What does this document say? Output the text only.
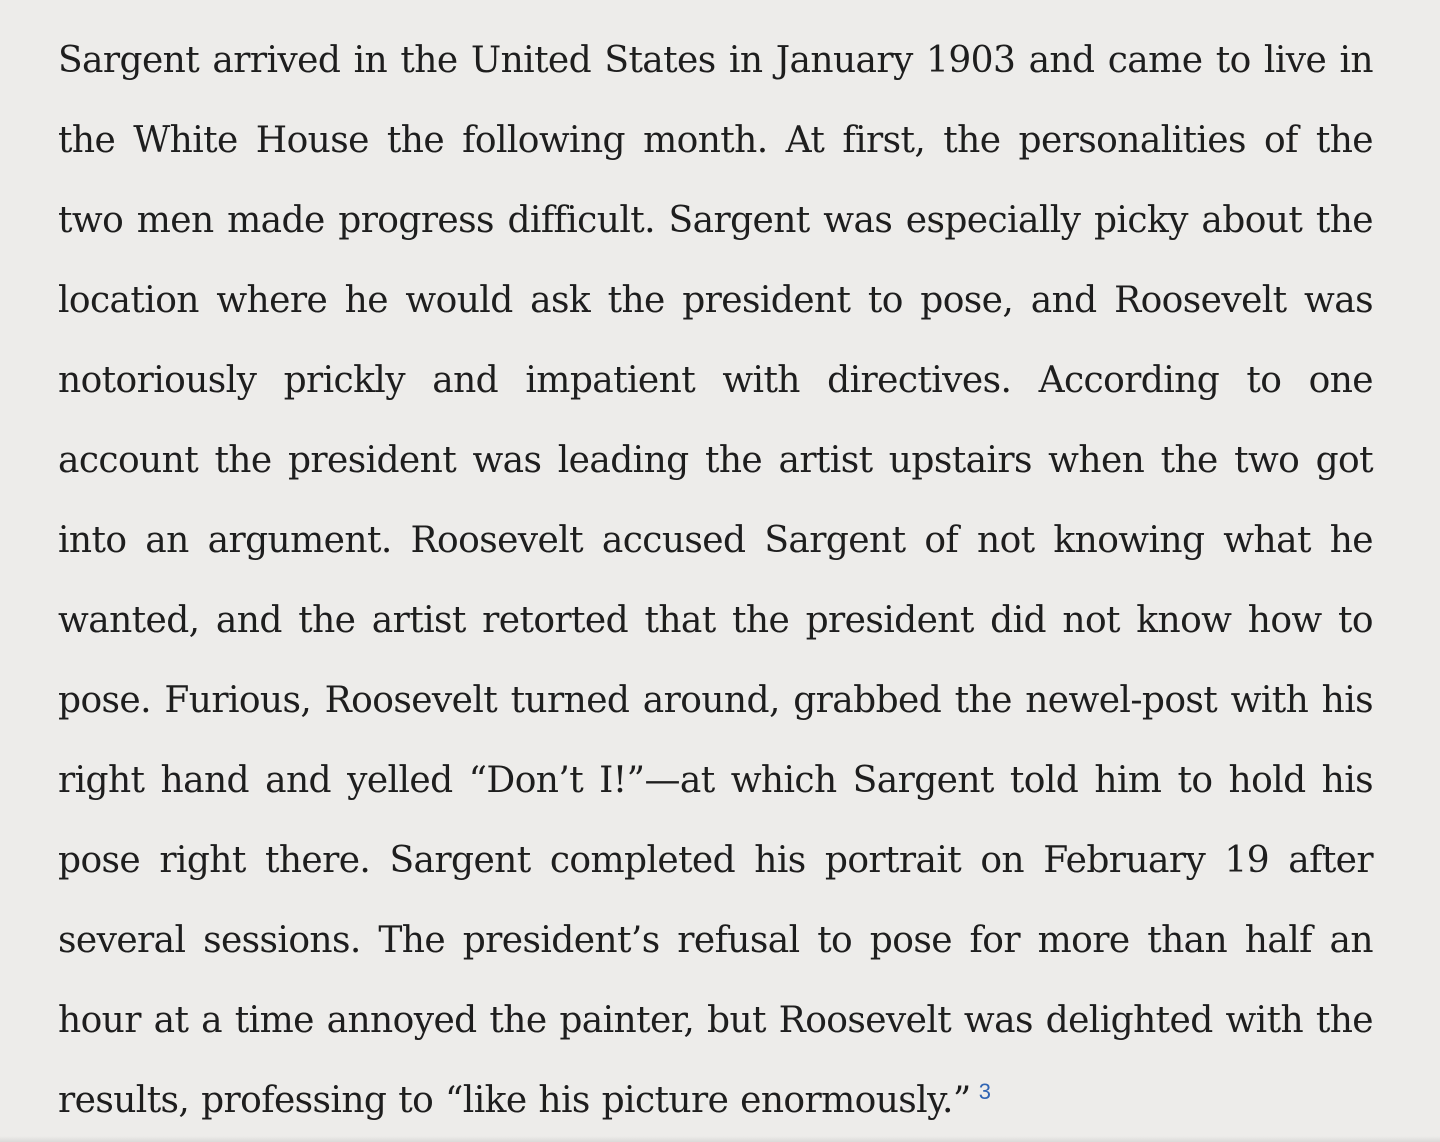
Sargent arrived in the United States in January 1903 and came to live in the White House the following month. At first, the personalities of the two men made progress difficult. Sargent was especially picky about the location where he would ask the president to pose, and Roosevelt was notoriously prickly and impatient with directives. According to one account the president was leading the artist upstairs when the two got into an argument. Roosevelt accused Sargent of not knowing what he wanted, and the artist retorted that the president did not know how to pose. Furious, Roosevelt turned around, grabbed the newel-post with his right hand and yelled “Don’t I!”—at which Sargent told him to hold his pose right there. Sargent completed his portrait on February 19 after several sessions. The president’s refusal to pose for more than half an hour at a time annoyed the painter, but Roosevelt was delighted with the results, professing to “like his picture enormously.” $^3$
